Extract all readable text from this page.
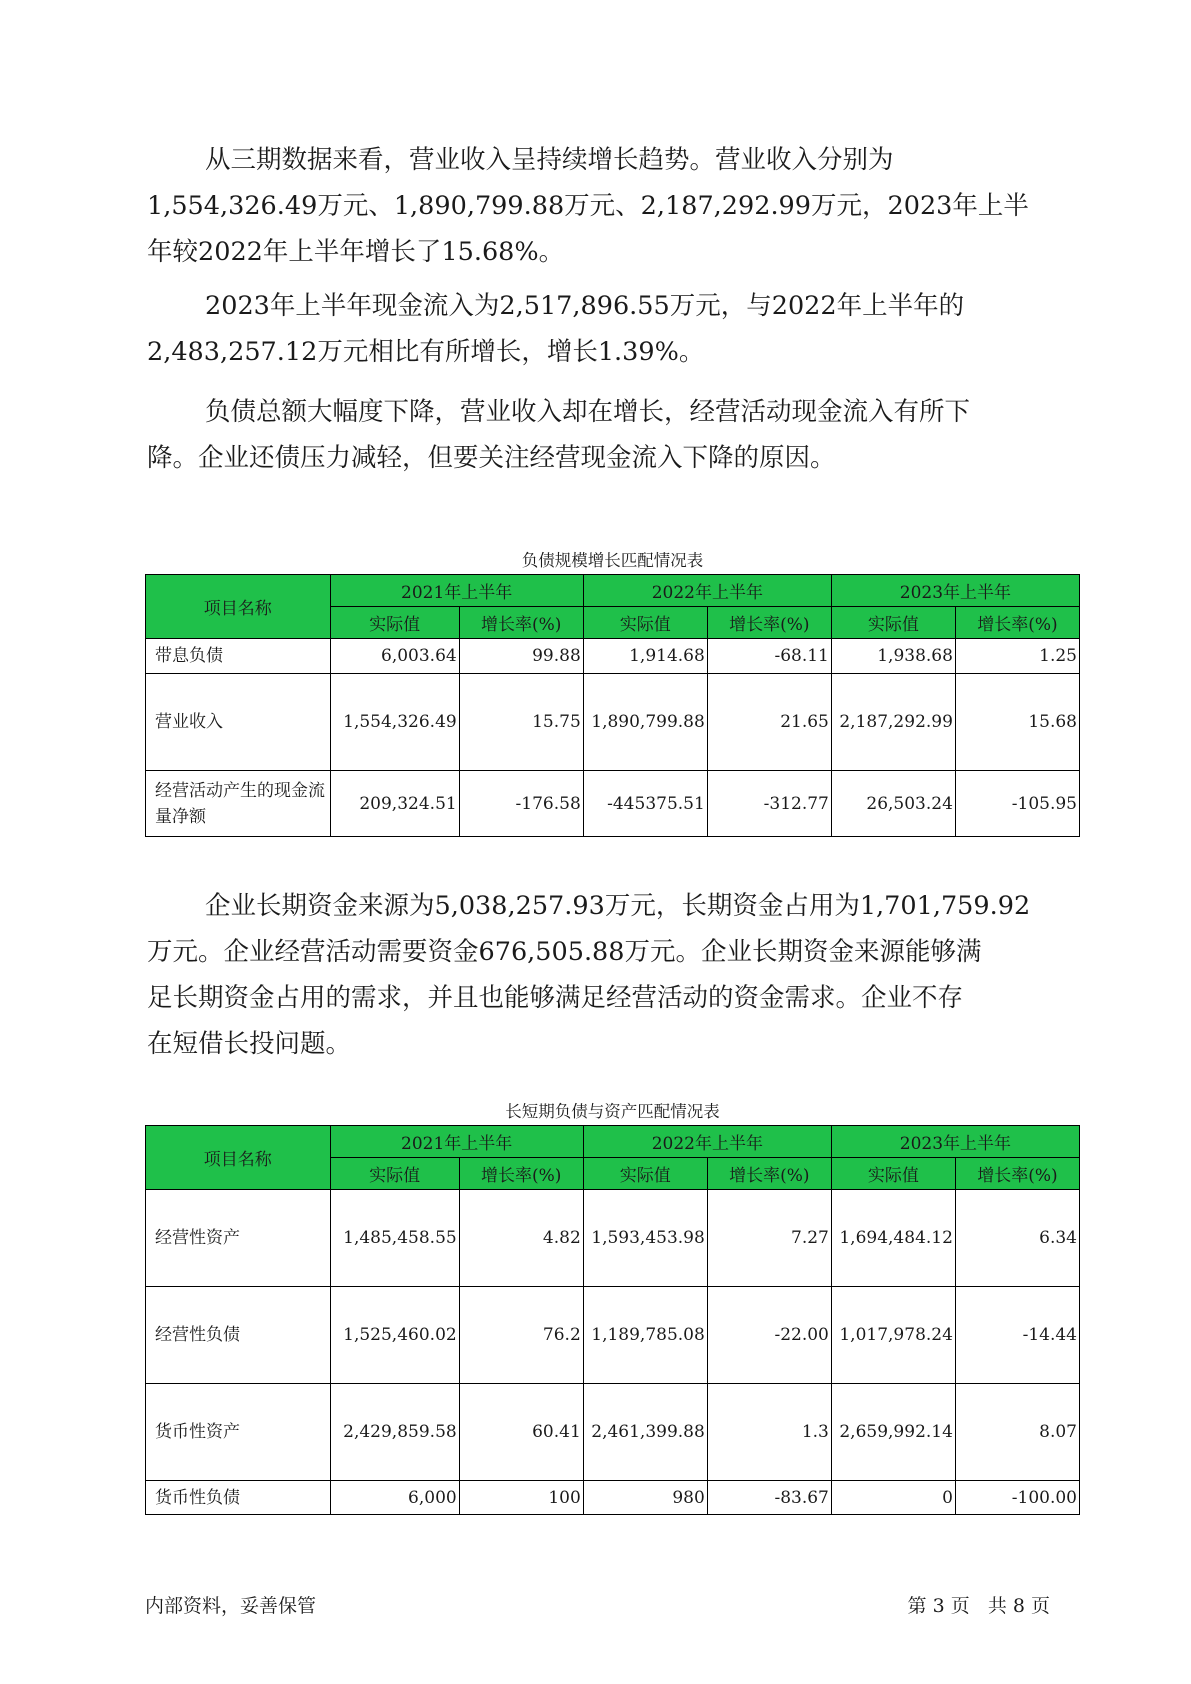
从三期数据来看，营业收入呈持续增长趋势。营业收入分别为
1,554,326.49万元、1,890,799.88万元、2,187,292.99万元，2023年上半
年较2022年上半年增长了15.68%。

2023年上半年现金流入为2,517,896.55万元，与2022年上半年的
2,483,257.12万元相比有所增长，增长1.39%。

负债总额大幅度下降，营业收入却在增长，经营活动现金流入有所下
降。企业还债压力减轻，但要关注经营现金流入下降的原因。

负债规模增长匹配情况表

项目名称	2021年上半年		2022年上半年		2023年上半年	
	实际值	增长率(%)	实际值	增长率(%)	实际值	增长率(%)
带息负债	6,003.64	99.88	1,914.68	-68.11	1,938.68	1.25
营业收入	1,554,326.49	15.75	1,890,799.88	21.65	2,187,292.99	15.68
经营活动产生的现金流量净额	209,324.51	-176.58	-445375.51	-312.77	26,503.24	-105.95

企业长期资金来源为5,038,257.93万元，长期资金占用为1,701,759.92
万元。企业经营活动需要资金676,505.88万元。企业长期资金来源能够满
足长期资金占用的需求，并且也能够满足经营活动的资金需求。企业不存
在短借长投问题。

长短期负债与资产匹配情况表

项目名称	2021年上半年		2022年上半年		2023年上半年	
	实际值	增长率(%)	实际值	增长率(%)	实际值	增长率(%)
经营性资产	1,485,458.55	4.82	1,593,453.98	7.27	1,694,484.12	6.34
经营性负债	1,525,460.02	76.2	1,189,785.08	-22.00	1,017,978.24	-14.44
货币性资产	2,429,859.58	60.41	2,461,399.88	1.3	2,659,992.14	8.07
货币性负债	6,000	100	980	-83.67	0	-100.00

内部资料，妥善保管	第 3 页   共 8 页
